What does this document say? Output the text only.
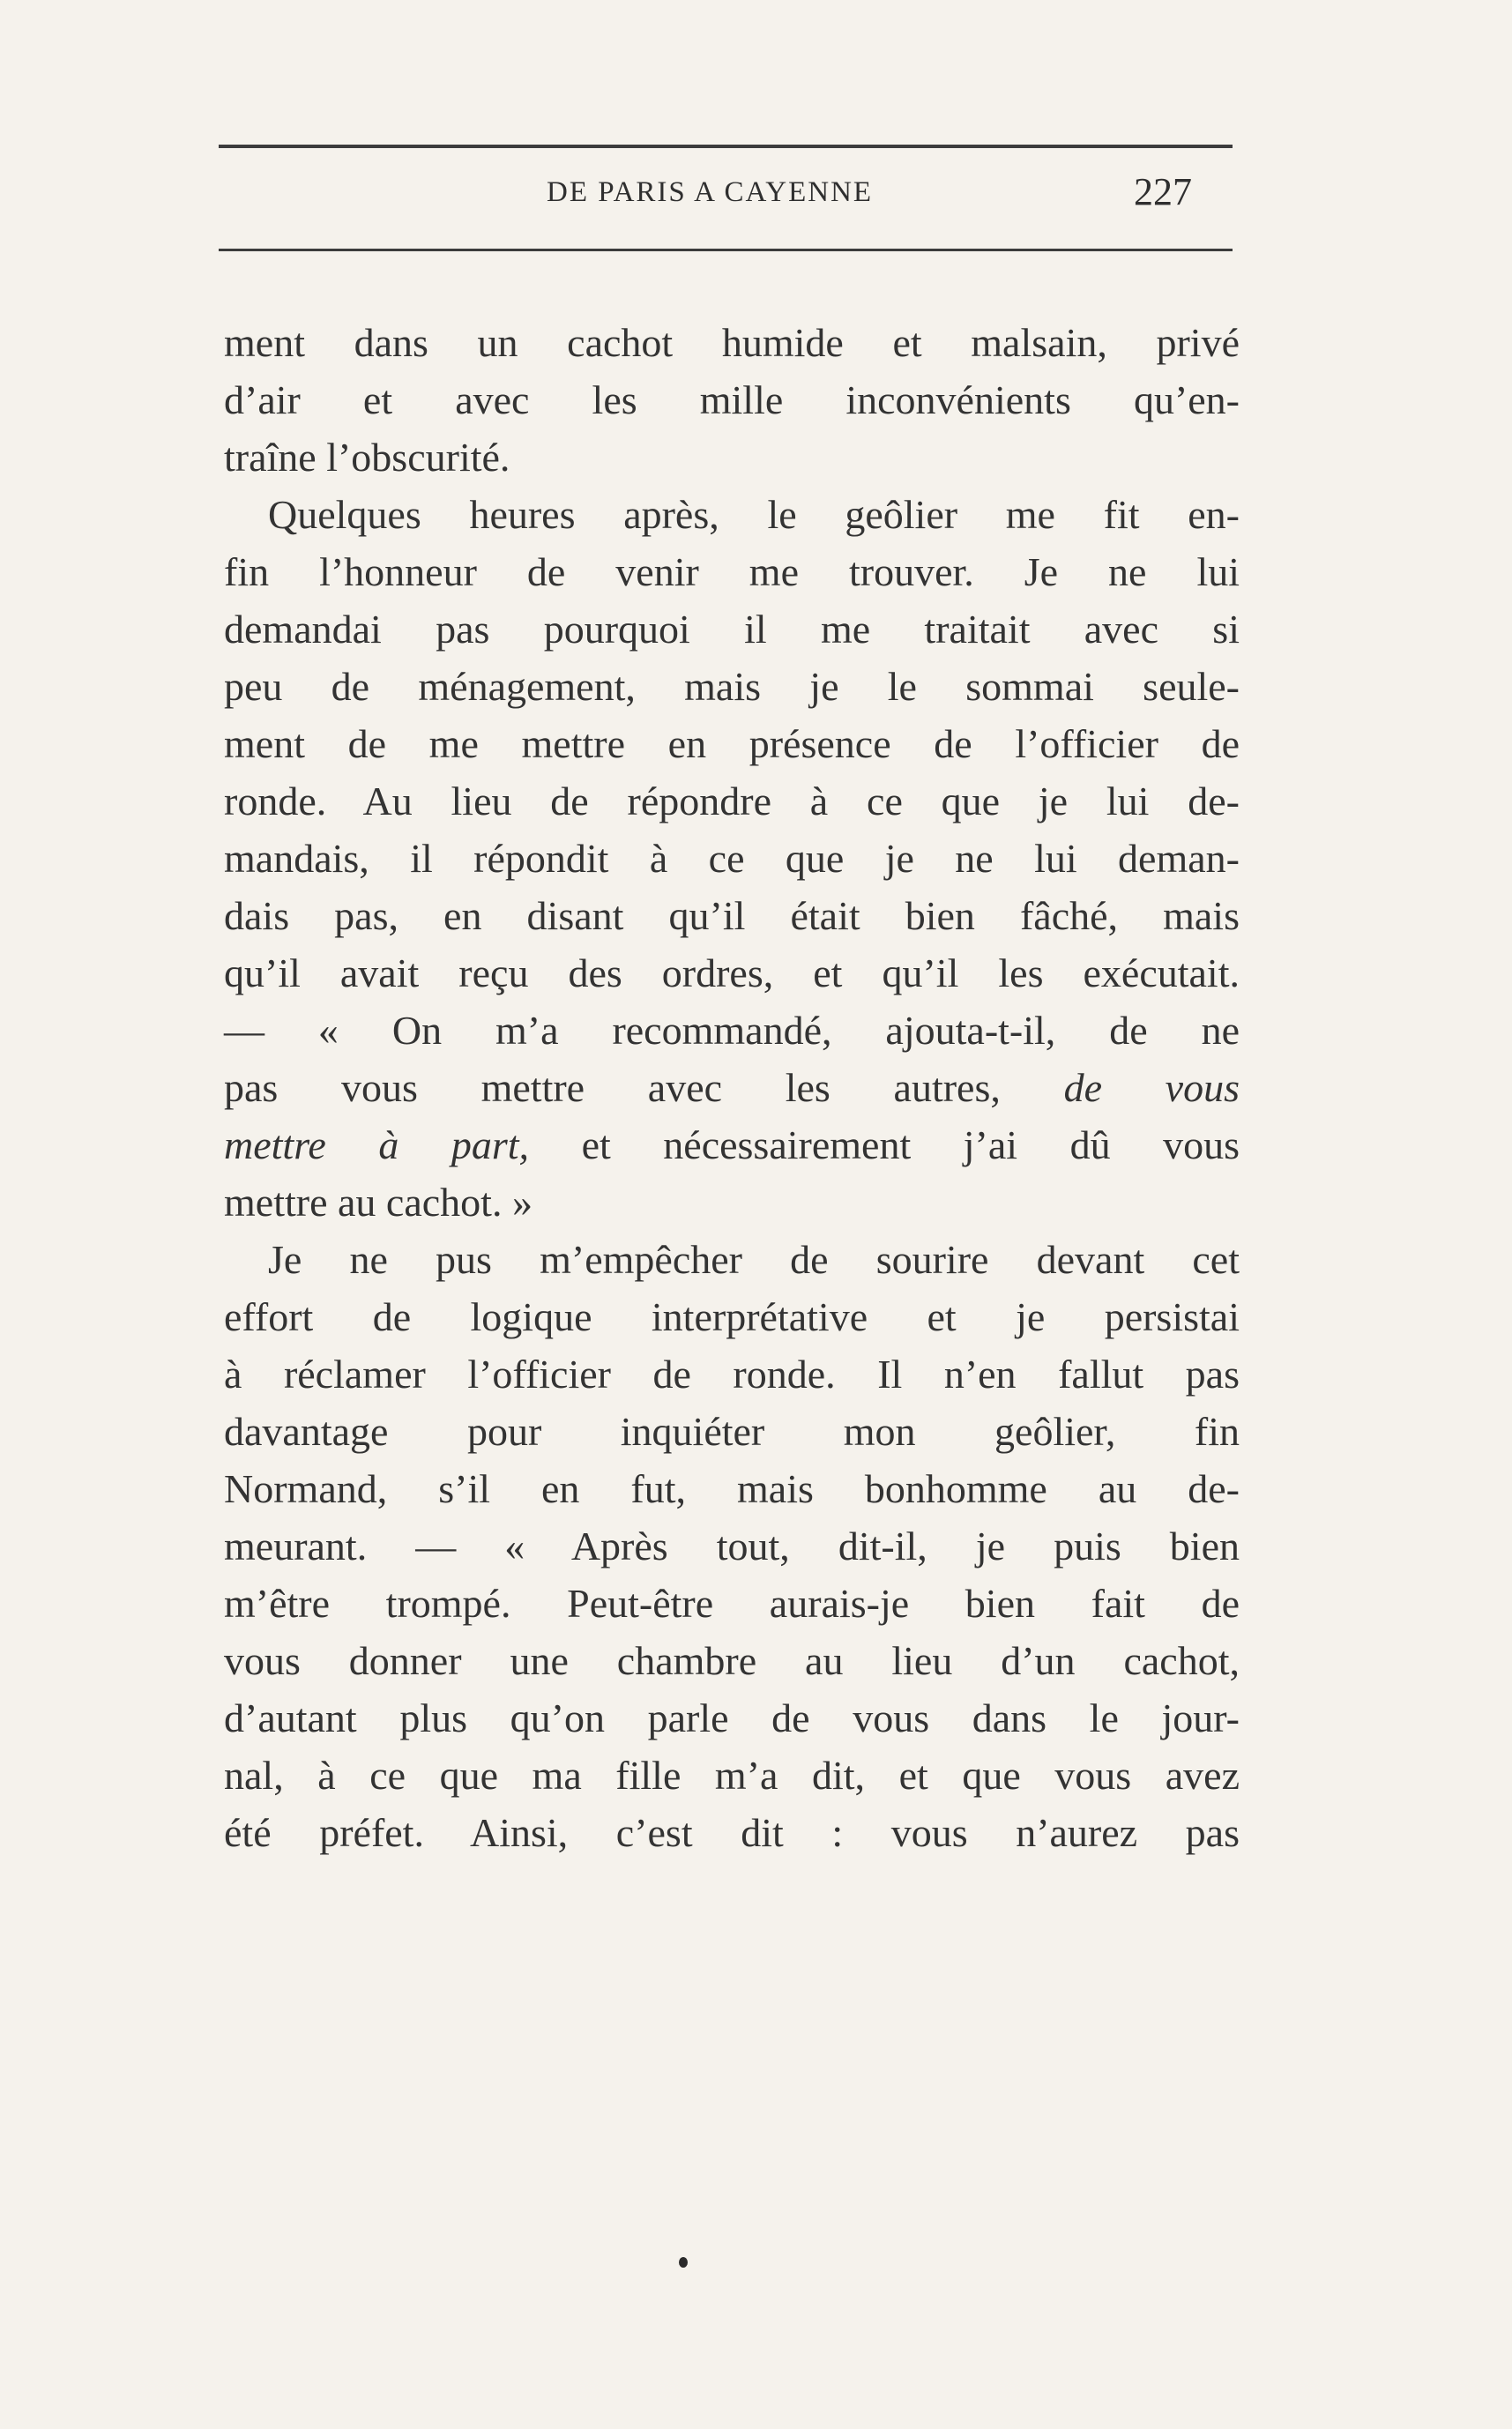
DE PARIS A CAYENNE	227
ment dans un cachot humide et malsain, privé
d’air et avec les mille inconvénients qu’en-
traîne l’obscurité.
Quelques heures après, le geôlier me fit en-
fin l’honneur de venir me trouver. Je ne lui
demandai pas pourquoi il me traitait avec si
peu de ménagement, mais je le sommai seule-
ment de me mettre en présence de l’officier de
ronde. Au lieu de répondre à ce que je lui de-
mandais, il répondit à ce que je ne lui deman-
dais pas, en disant qu’il était bien fâché, mais
qu’il avait reçu des ordres, et qu’il les exécutait.
— « On m’a recommandé, ajouta-t-il, de ne
pas vous mettre avec les autres, de vous
mettre à part, et nécessairement j’ai dû vous
mettre au cachot. »
Je ne pus m’empêcher de sourire devant cet
effort de logique interprétative et je persistai
à réclamer l’officier de ronde. Il n’en fallut pas
davantage pour inquiéter mon geôlier, fin
Normand, s’il en fut, mais bonhomme au de-
meurant. — « Après tout, dit-il, je puis bien
m’être trompé. Peut-être aurais-je bien fait de
vous donner une chambre au lieu d’un cachot,
d’autant plus qu’on parle de vous dans le jour-
nal, à ce que ma fille m’a dit, et que vous avez
été préfet. Ainsi, c’est dit : vous n’aurez pas
